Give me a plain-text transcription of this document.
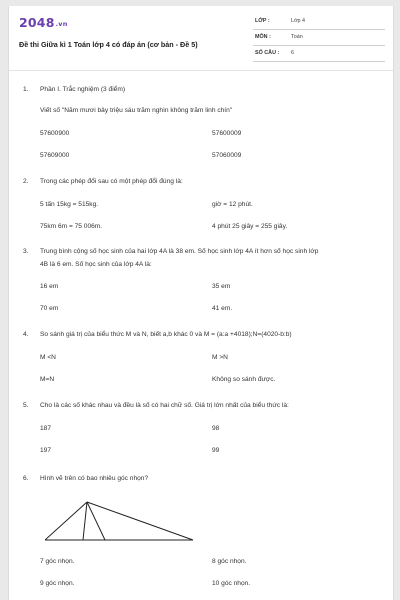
2048.vn
Đề thi Giữa kì 1 Toán lớp 4 có đáp án (cơ bản - Đề 5)
LỚP :	Lớp 4
MÔN :	Toán
SỐ CÂU : 6
1. Phần I. Trắc nghiệm (3 điểm)
Viết số "Năm mươi bảy triệu sáu trăm nghìn không trăm linh chín"
57600900	57600009
57609000	57060009
2. Trong các phép đổi sau có một phép đổi đúng là:
5 tấn 15kg = 515kg.	giờ = 12 phút.
75km 6m = 75 006m.	4 phút 25 giây = 255 giây.
3. Trung bình cộng số học sinh của hai lớp 4A là 38 em. Số học sinh lớp 4A ít hơn số học sinh lớp
4B là 6 em. Số học sinh của lớp 4A là:
16 em	35 em
70 em	41 em.
4. So sánh giá trị của biểu thức M và N, biết a,b khác 0 và M = (a:a +4018);N=(4020-b:b)
M <N	M >N
M=N	Không so sánh được.
5. Cho là các số khác nhau và đều là số có hai chữ số. Giá trị lớn nhất của biểu thức là:
187	98
197	99
6. Hình vẽ trên có bao nhiêu góc nhọn?
7 góc nhọn.	8 góc nhọn.
9 góc nhọn.	10 góc nhọn.
